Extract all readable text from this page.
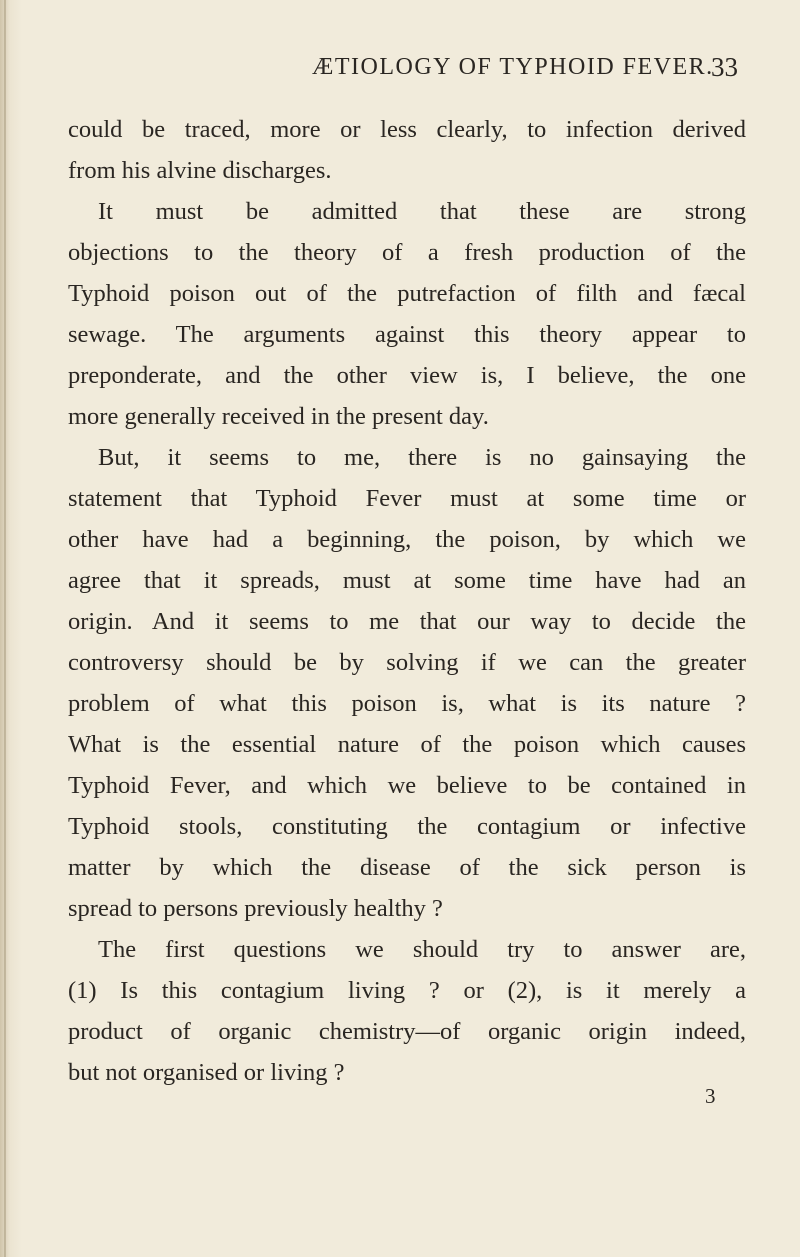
ÆTIOLOGY OF TYPHOID FEVER.
33
could be traced, more or less clearly, to infection derived
from his alvine discharges.
It must be admitted that these are strong
objections to the theory of a fresh production of the
Typhoid poison out of the putrefaction of filth and fæcal
sewage. The arguments against this theory appear to
preponderate, and the other view is, I believe, the one
more generally received in the present day.
But, it seems to me, there is no gainsaying the
statement that Typhoid Fever must at some time or
other have had a beginning, the poison, by which we
agree that it spreads, must at some time have had an
origin. And it seems to me that our way to decide the
controversy should be by solving if we can the greater
problem of what this poison is, what is its nature ?
What is the essential nature of the poison which causes
Typhoid Fever, and which we believe to be contained in
Typhoid stools, constituting the contagium or infective
matter by which the disease of the sick person is
spread to persons previously healthy ?
The first questions we should try to answer are,
(1) Is this contagium living ? or (2), is it merely a
product of organic chemistry—of organic origin indeed,
but not organised or living ?
3
